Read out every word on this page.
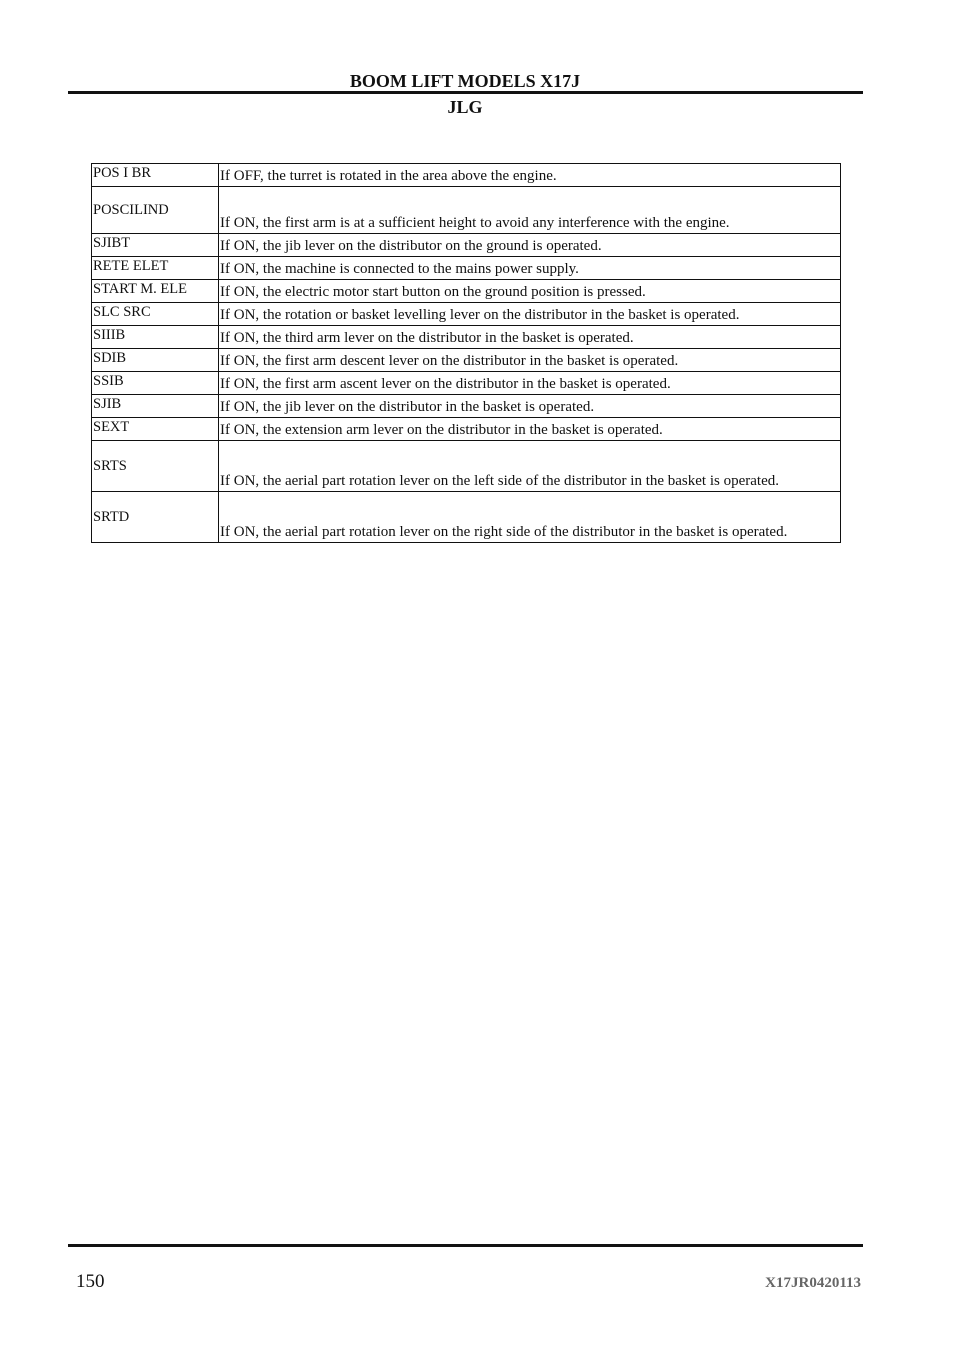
BOOM LIFT MODELS X17J
JLG
POS I BR	If OFF, the turret is rotated in the area above the engine.
POSCILIND	If ON, the first arm is at a sufficient height to avoid any interference with the engine.
SJIBT	If ON, the jib lever on the distributor on the ground is operated.
RETE ELET	If ON, the machine is connected to the mains power supply.
START M. ELE	If ON, the electric motor start button on the ground position is pressed.
SLC SRC	If ON, the rotation or basket levelling lever on the distributor in the basket is operated.
SIIIB	If ON, the third arm lever on the distributor in the basket is operated.
SDIB	If ON, the first arm descent lever on the distributor in the basket is operated.
SSIB	If ON, the first arm ascent lever on the distributor in the basket is operated.
SJIB	If ON, the jib lever on the distributor in the basket is operated.
SEXT	If ON, the extension arm lever on the distributor in the basket is operated.
SRTS	If ON, the aerial part rotation lever on the left side of the distributor in the basket is operated.
SRTD	If ON, the aerial part rotation lever on the right side of the distributor in the basket is operated.
150	X17JR0420113
